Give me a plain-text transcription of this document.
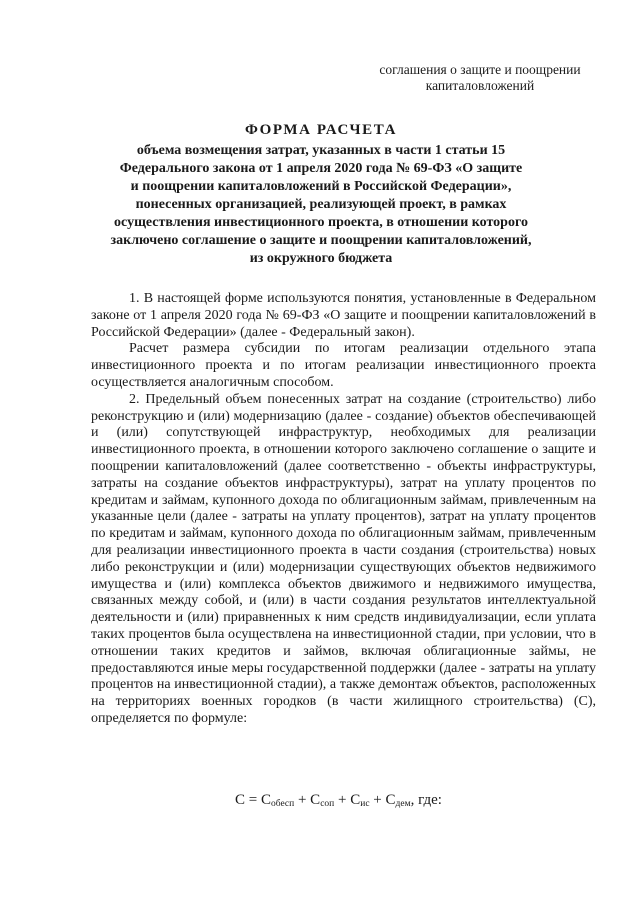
соглашения о защите и поощрении
капиталовложений
ФОРМА РАСЧЕТА
объема возмещения затрат, указанных в части 1 статьи 15
Федерального закона от 1 апреля 2020 года № 69-ФЗ «О защите
и поощрении капиталовложений в Российской Федерации»,
понесенных организацией, реализующей проект, в рамках
осуществления инвестиционного проекта, в отношении которого
заключено соглашение о защите и поощрении капиталовложений,
из окружного бюджета

1. В настоящей форме используются понятия, установленные в Федеральном законе от 1 апреля 2020 года № 69-ФЗ «О защите и поощрении капиталовложений в Российской Федерации» (далее - Федеральный закон).

Расчет размера субсидии по итогам реализации отдельного этапа инвестиционного проекта и по итогам реализации инвестиционного проекта осуществляется аналогичным способом.

2. Предельный объем понесенных затрат на создание (строительство) либо реконструкцию и (или) модернизацию (далее - создание) объектов обеспечивающей и (или) сопутствующей инфраструктур, необходимых для реализации инвестиционного проекта, в отношении которого заключено соглашение о защите и поощрении капиталовложений (далее соответственно - объекты инфраструктуры, затраты на создание объектов инфраструктуры), затрат на уплату процентов по кредитам и займам, купонного дохода по облигационным займам, привлеченным на указанные цели (далее - затраты на уплату процентов), затрат на уплату процентов по кредитам и займам, купонного дохода по облигационным займам, привлеченным для реализации инвестиционного проекта в части создания (строительства) новых либо реконструкции и (или) модернизации существующих объектов недвижимого имущества и (или) комплекса объектов движимого и недвижимого имущества, связанных между собой, и (или) в части создания результатов интеллектуальной деятельности и (или) приравненных к ним средств индивидуализации, если уплата таких процентов была осуществлена на инвестиционной стадии, при условии, что в отношении таких кредитов и займов, включая облигационные займы, не предоставляются иные меры государственной поддержки (далее - затраты на уплату процентов на инвестиционной стадии), а также демонтаж объектов, расположенных на территориях военных городков (в части жилищного строительства) (С), определяется по формуле:

$С = С_{обесп} + С_{соп} + С_{ис} + С_{дем}$, где:
